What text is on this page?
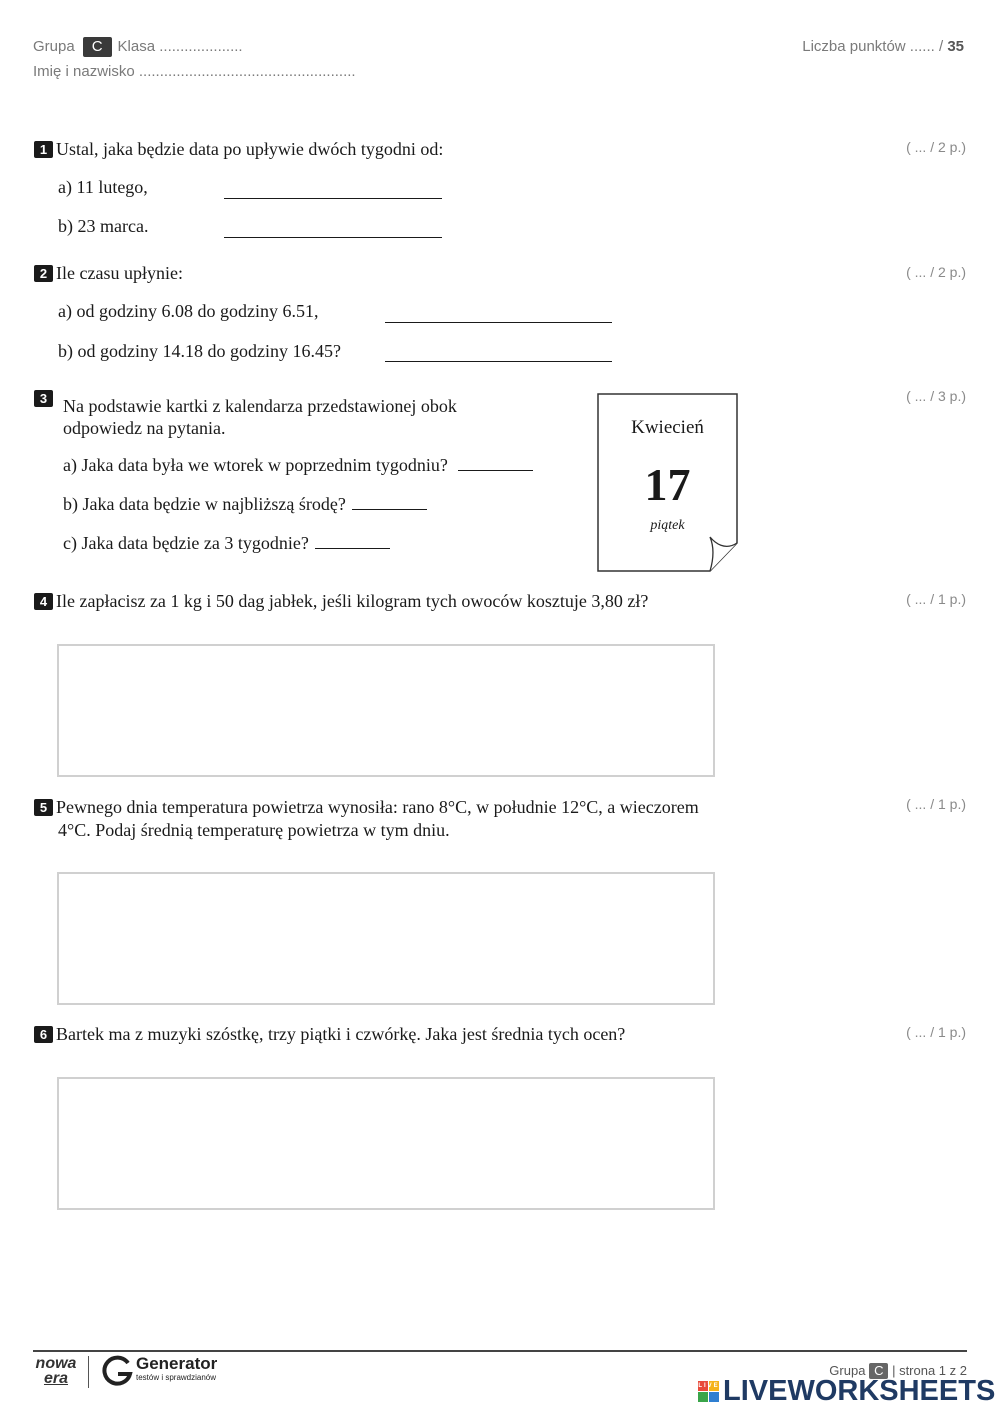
Grupa C Klasa ....................
Imię i nazwisko ....................................................
Liczba punktów ...... / 35
1 Ustal, jaka będzie data po upływie dwóch tygodni od:	( ... / 2 p.)
a) 11 lutego,
b) 23 marca.
2 Ile czasu upłynie:	( ... / 2 p.)
a) od godziny 6.08 do godziny 6.51,
b) od godziny 14.18 do godziny 16.45?
3 Na podstawie kartki z kalendarza przedstawionej obok
odpowiedz na pytania.
( ... / 3 p.)
a) Jaka data była we wtorek w poprzednim tygodniu?
b) Jaka data będzie w najbliższą środę?
c) Jaka data będzie za 3 tygodnie?
Kwiecień
17
piątek
4 Ile zapłacisz za 1 kg i 50 dag jabłek, jeśli kilogram tych owoców kosztuje 3,80 zł?	( ... / 1 p.)
5 Pewnego dnia temperatura powietrza wynosiła: rano 8°C, w południe 12°C, a wieczorem
4°C. Podaj średnią temperaturę powietrza w tym dniu.
( ... / 1 p.)
6 Bartek ma z muzyki szóstkę, trzy piątki i czwórkę. Jaka jest średnia tych ocen?	( ... / 1 p.)
nowa
era
Generator
testów i sprawdzianów	Grupa C | strona 1 z 2
LIVE LIVEWORKSHEETS
